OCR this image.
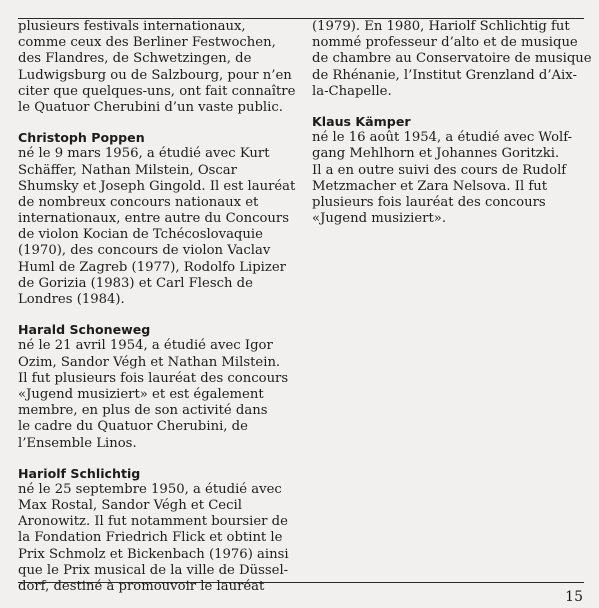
plusieurs festivals internationaux,
comme ceux des Berliner Festwochen,
des Flandres, de Schwetzingen, de
Ludwigsburg ou de Salzbourg, pour n’en
citer que quelques-uns, ont fait connaître
le Quatuor Cherubini d’un vaste public.
Christoph Poppen
né le 9 mars 1956, a étudié avec Kurt
Schäffer, Nathan Milstein, Oscar
Shumsky et Joseph Gingold. Il est lauréat
de nombreux concours nationaux et
internationaux, entre autre du Concours
de violon Kocian de Tchécoslovaquie
(1970), des concours de violon Vaclav
Huml de Zagreb (1977), Rodolfo Lipizer
de Gorizia (1983) et Carl Flesch de
Londres (1984).
Harald Schoneweg
né le 21 avril 1954, a étudié avec Igor
Ozim, Sandor Végh et Nathan Milstein.
Il fut plusieurs fois lauréat des concours
«Jugend musiziert» et est également
membre, en plus de son activité dans
le cadre du Quatuor Cherubini, de
l’Ensemble Linos.
Hariolf Schlichtig
né le 25 septembre 1950, a étudié avec
Max Rostal, Sandor Végh et Cecil
Aronowitz. Il fut notamment boursier de
la Fondation Friedrich Flick et obtint le
Prix Schmolz et Bickenbach (1976) ainsi
que le Prix musical de la ville de Düssel-
dorf, destiné à promouvoir le lauréat
(1979). En 1980, Hariolf Schlichtig fut
nommé professeur d’alto et de musique
de chambre au Conservatoire de musique
de Rhénanie, l’Institut Grenzland d’Aix-
la-Chapelle.
Klaus Kämper
né le 16 août 1954, a étudié avec Wolf-
gang Mehlhorn et Johannes Goritzki.
Il a en outre suivi des cours de Rudolf
Metzmacher et Zara Nelsova. Il fut
plusieurs fois lauréat des concours
«Jugend musiziert».
15
